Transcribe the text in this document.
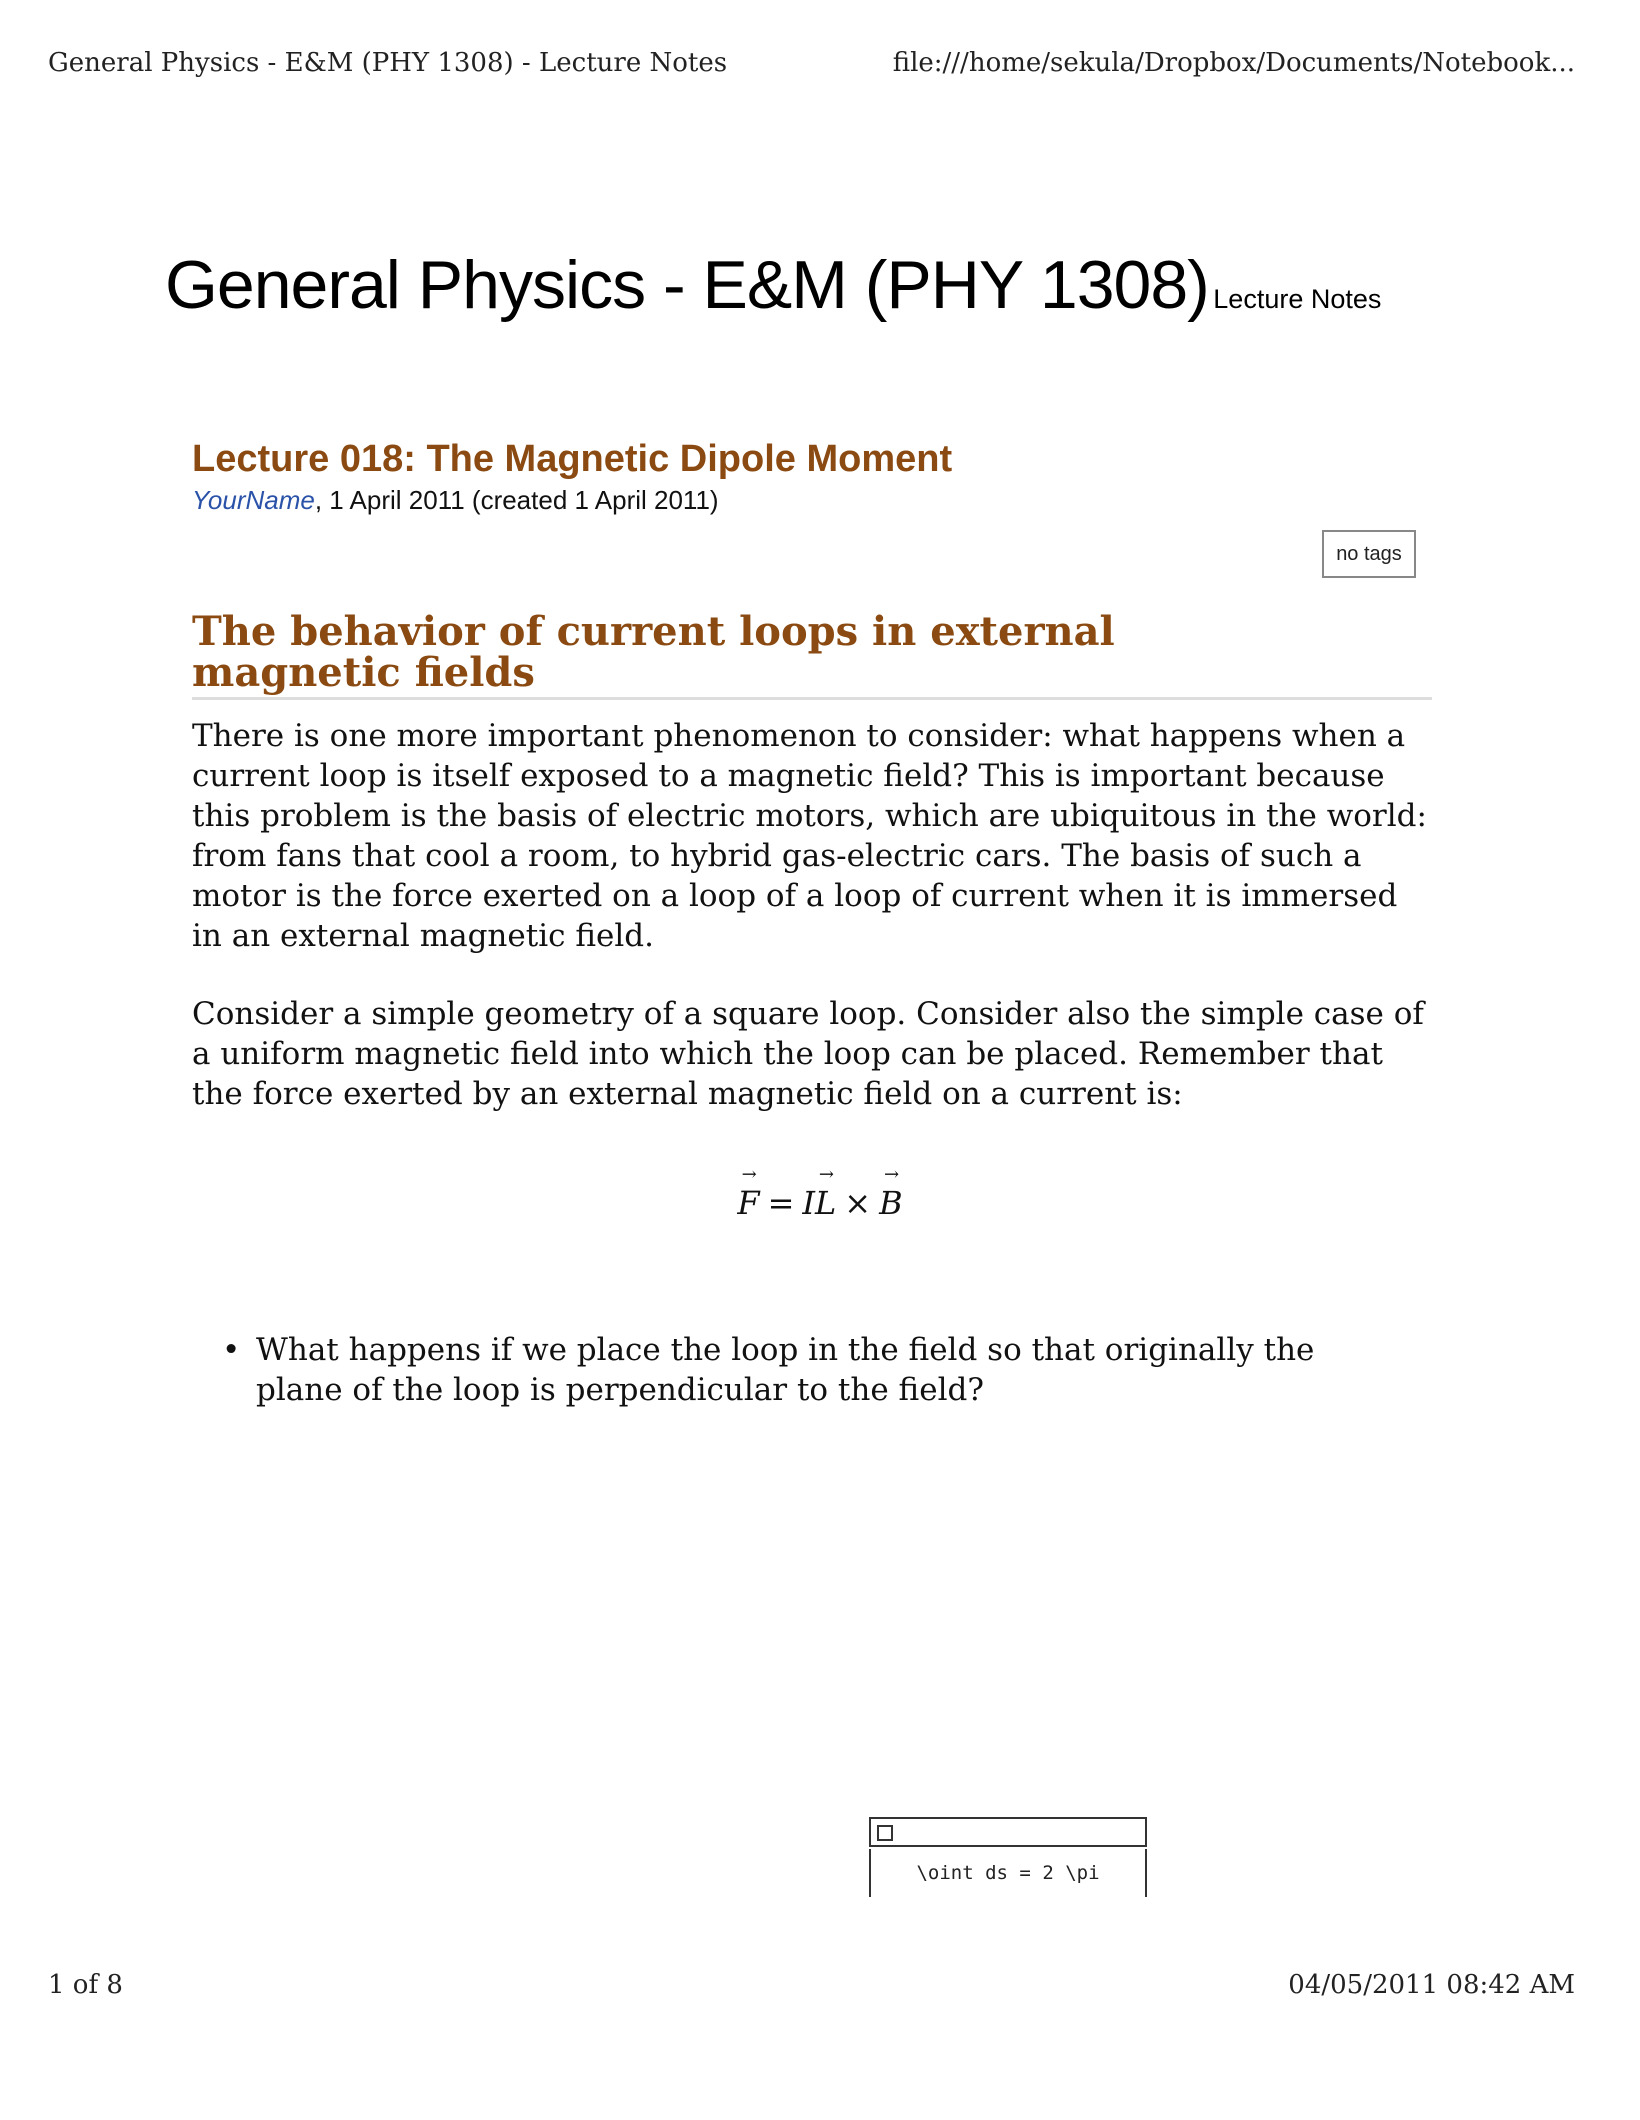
General Physics - E&M (PHY 1308) - Lecture Notes	file:///home/sekula/Dropbox/Documents/Notebook...
General Physics - E&M (PHY 1308) Lecture Notes
Lecture 018: The Magnetic Dipole Moment
YourName, 1 April 2011 (created 1 April 2011)
no tags
The behavior of current loops in external magnetic fields

There is one more important phenomenon to consider: what happens when a current loop is itself exposed to a magnetic field? This is important because this problem is the basis of electric motors, which are ubiquitous in the world: from fans that cool a room, to hybrid gas-electric cars. The basis of such a motor is the force exerted on a loop of a loop of current when it is immersed in an external magnetic field.

Consider a simple geometry of a square loop. Consider also the simple case of a uniform magnetic field into which the loop can be placed. Remember that the force exerted by an external magnetic field on a current is:

→ F = I→ L ×→ B
• What happens if we place the loop in the field so that originally the plane of the loop is perpendicular to the field?
\oint ds = 2 \pi
1 of 8	04/05/2011 08:42 AM
